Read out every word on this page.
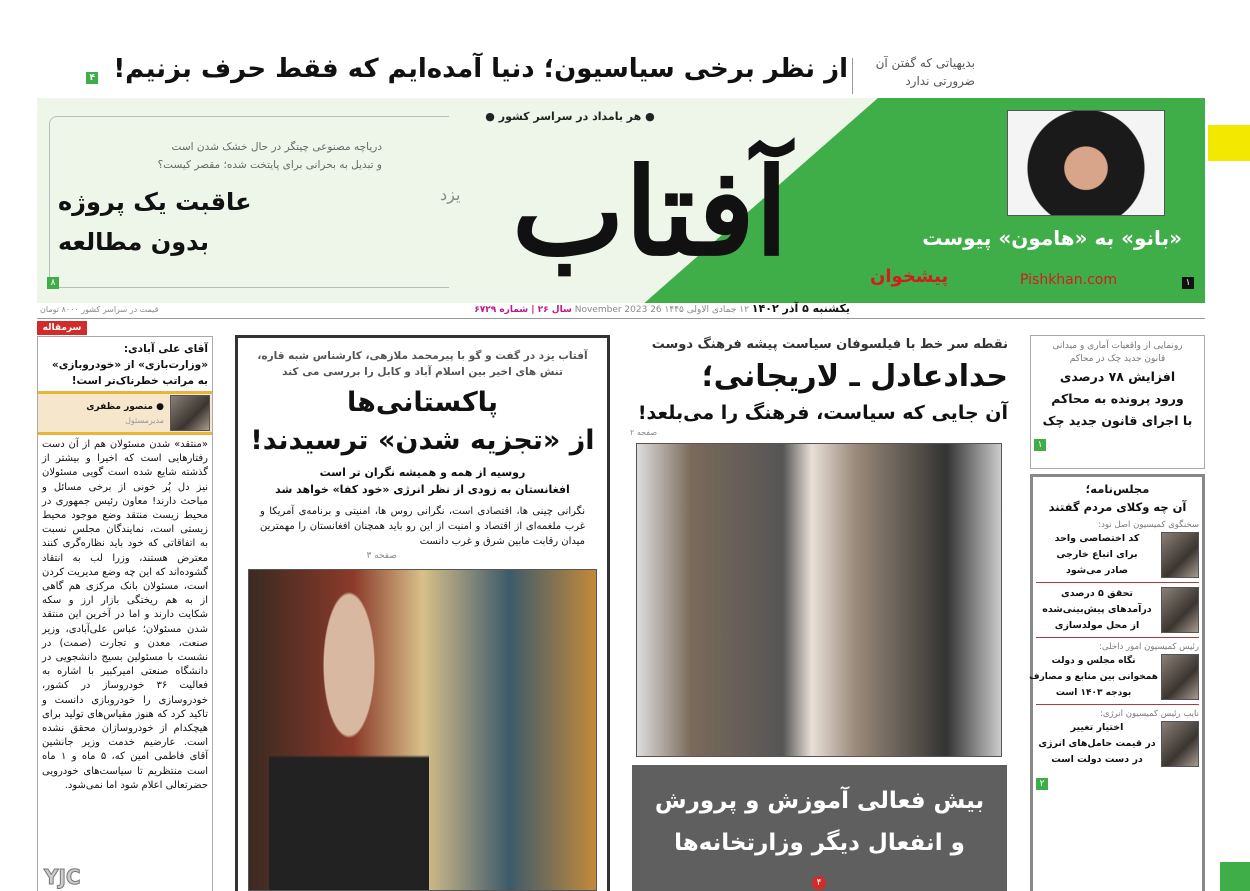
بدیهیاتی که گفتن آن
ضرورتی ندارد
از نظر برخی سیاسیون؛ دنیا آمده‌ایم که فقط حرف بزنیم! ۴
● هر بامداد در سراسر کشور ●
آفتاب
یزد
دریاچه مصنوعی چیتگر در حال خشک شدن است
و تبدیل به بحرانی برای پایتخت شده؛ مقصر کیست؟
عاقبت یک پروژه
بدون مطالعه
۸
«بانو» به «هامون» پیوست
پیشخوان	Pishkhan.com	۱
یکشنبه ۵ آذر ۱۴۰۲ ۱۲ جمادی الاولی ۱۴۴۵ 26 November 2023 سال ۲۶ | شماره ۶۷۲۹
قیمت در سراسر کشور ۸۰۰۰ تومان
سرمقاله
آقای علی آبادی:
«وزارت‌بازی» از «خودروبازی»
به مراتب خطرناک‌تر است!
● منصور مظفری
مدیرمسئول
«منتقد» شدن مسئولان هم از آن دست رفتارهایی است که اخیرا و بیشتر از گذشته شایع شده است گویی مسئولان نیز دل پُر خونی از برخی مسائل و مباحث دارند! معاون رئیس جمهوری در محیط زیست منتقد وضع موجود محیط زیستی است، نمایندگان مجلس نسبت به اتفاقاتی که خود باید نظاره‌گری کنند معترض هستند، وزرا لب به انتقاد گشوده‌اند که این چه وضع مدیریت کردن است، مسئولان بانک مرکزی هم گاهی از به هم ریختگی بازار ارز و سکه شکایت دارند و اما در آخرین این منتقد شدن مسئولان؛ عباس علی‌آبادی، وزیر صنعت، معدن و تجارت (صمت) در نشست با مسئولین بسیج دانشجویی در دانشگاه صنعتی امیرکبیر با اشاره به فعالیت ۳۶ خودروساز در کشور، خودروسازی را خودروبازی دانست و تاکید کرد که هنوز مقیاس‌های تولید برای هیچکدام از خودروسازان محقق نشده است. عارضیم خدمت وزیر جانشین آقای فاطمی امین که، ۵ ماه و ۱ ماه است منتظریم تا سیاست‌های خودرویی حضرتعالی اعلام شود اما نمی‌شود.
YJC
آفتاب یزد در گفت و گو با پیرمحمد ملازهی، کارشناس شبه قاره،
تنش های اخیر بین اسلام آباد و کابل را بررسی می کند
پاکستانی‌ها
از «تجزیه شدن» ترسیدند!
روسیه از همه و همیشه نگران تر است
افغانستان به زودی از نظر انرژی «خود کفا» خواهد شد
نگرانی چینی ها، اقتصادی است، نگرانی روس ها، امنیتی و برنامه‌ی آمریکا و غرب ملغمه‌ای از اقتصاد و امنیت از این رو باید همچنان افغانستان را مهمترین میدان رقابت مابین شرق و غرب دانست
صفحه ۳
نقطه سر خط با فیلسوفان سیاست پیشه فرهنگ دوست
حدادعادل ـ لاریجانی؛
آن جایی که سیاست، فرهنگ را می‌بلعد!
صفحه ۲
بیش فعالی آموزش و پرورش
و انفعال دیگر وزارتخانه‌ها
۴
رونمایی از واقعیات آماری و میدانی
قانون جدید چک در محاکم
افزایش ۷۸ درصدی
ورود پرونده به محاکم
با اجرای قانون جدید چک
۱
مجلس‌نامه؛
آن چه وکلای مردم گفتند
سخنگوی کمیسیون اصل نود:
کد اختصاصی واحد
برای اتباع خارجی
صادر می‌شود
تحقق ۵ درصدی
درآمدهای پیش‌بینی‌شده
از محل مولدسازی
رئیس کمیسیون امور داخلی:
نگاه مجلس و دولت
همخوانی بین منابع و مصارف
بودجه ۱۴۰۳ است
نایب رئیس کمیسیون انرژی:
اختیار تغییر
در قیمت حامل‌های انرژی
در دست دولت است
۲
